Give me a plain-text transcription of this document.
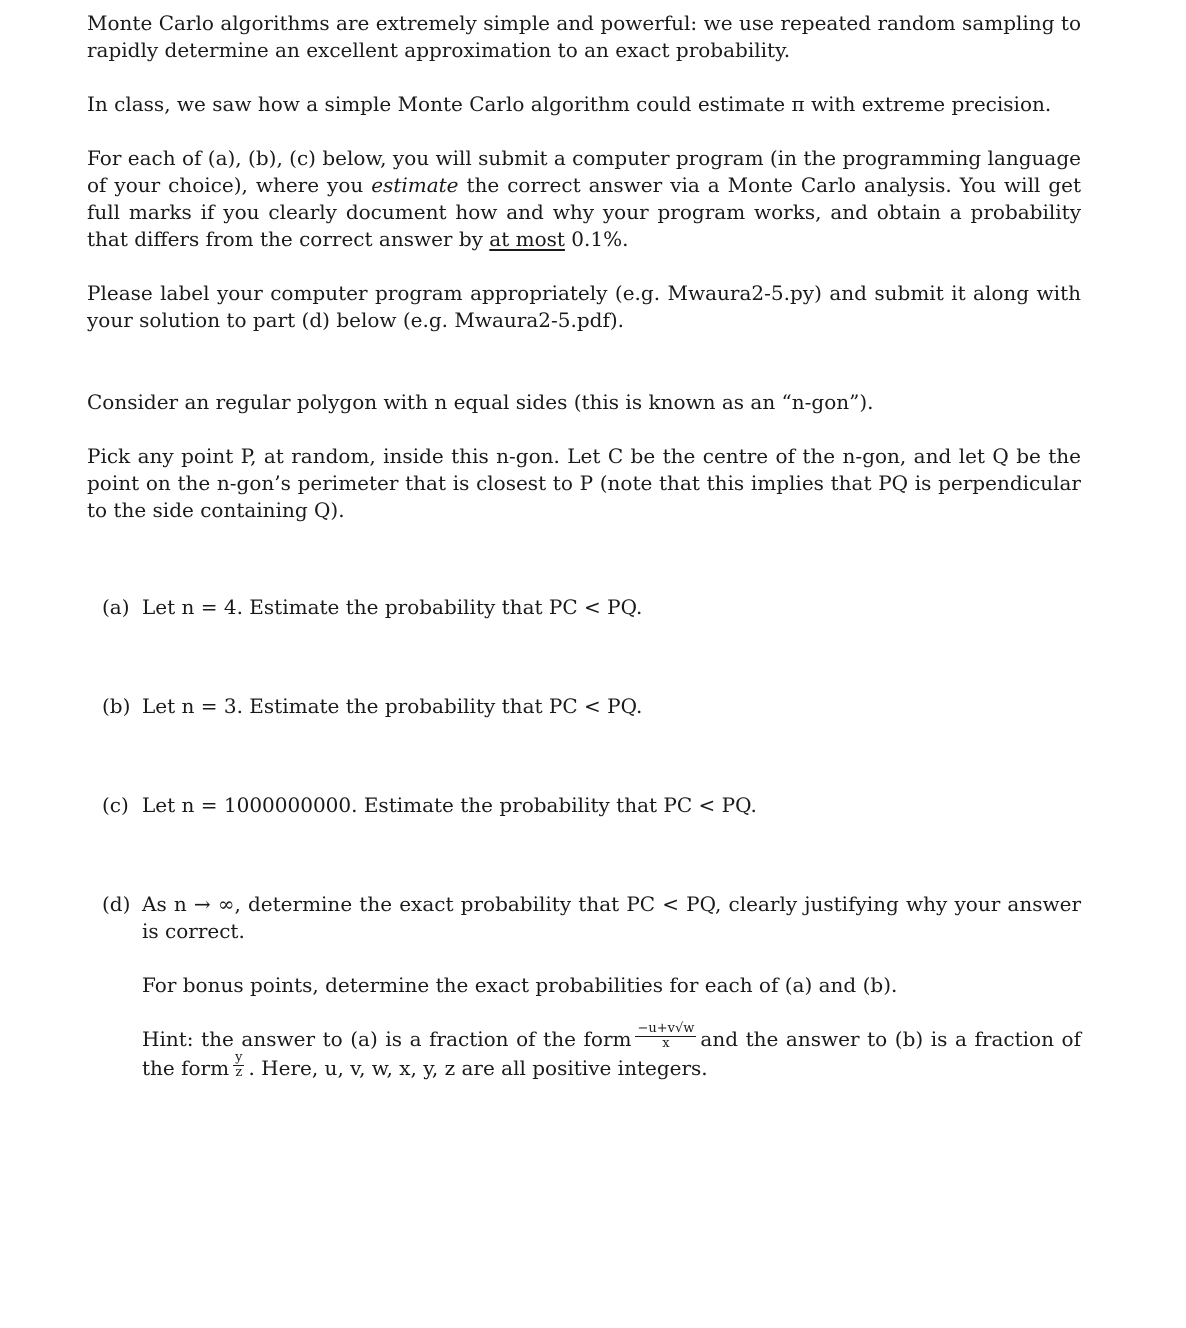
Monte Carlo algorithms are extremely simple and powerful: we use repeated random sampling to rapidly determine an excellent approximation to an exact probability.

In class, we saw how a simple Monte Carlo algorithm could estimate π with extreme precision.

For each of (a), (b), (c) below, you will submit a computer program (in the programming language of your choice), where you estimate the correct answer via a Monte Carlo analysis. You will get full marks if you clearly document how and why your program works, and obtain a probability that differs from the correct answer by at most 0.1%.

Please label your computer program appropriately (e.g. Mwaura2-5.py) and submit it along with your solution to part (d) below (e.g. Mwaura2-5.pdf).

Consider an regular polygon with n equal sides (this is known as an “n-gon”).

Pick any point P, at random, inside this n-gon. Let C be the centre of the n-gon, and let Q be the point on the n-gon’s perimeter that is closest to P (note that this implies that PQ is perpendicular to the side containing Q).

(a) Let n = 4. Estimate the probability that PC < PQ.
(b) Let n = 3. Estimate the probability that PC < PQ.
(c) Let n = 1000000000. Estimate the probability that PC < PQ.
(d) As n → ∞, determine the exact probability that PC < PQ, clearly justifying why your answer is correct.

For bonus points, determine the exact probabilities for each of (a) and (b).

Hint: the answer to (a) is a fraction of the form $\frac{-u+v√w}{x}$ and the answer to (b) is a fraction of the form $\frac{y}{z}$ . Here, u, v, w, x, y, z are all positive integers.
